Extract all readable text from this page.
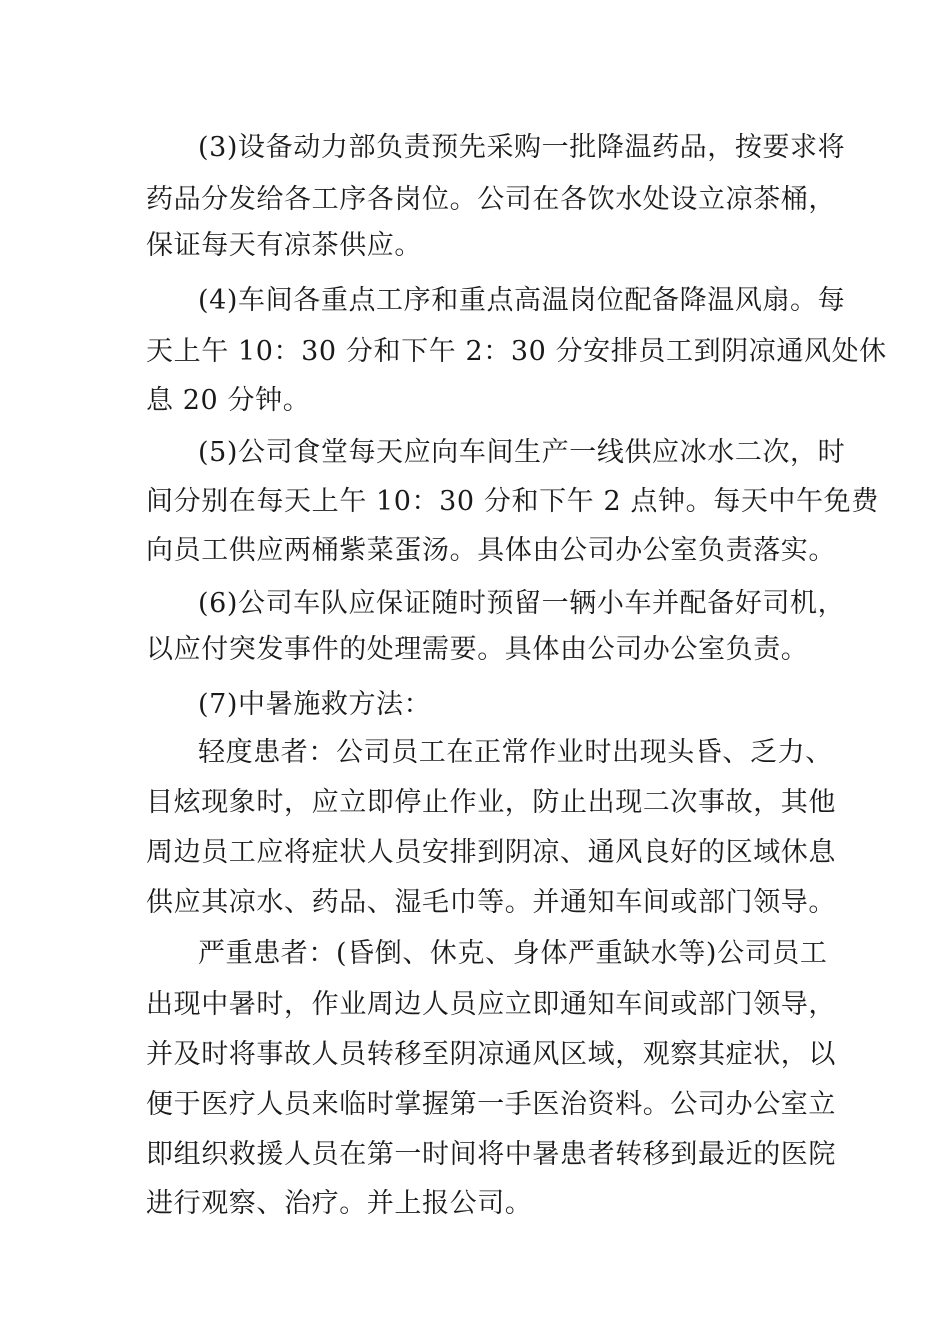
(3)设备动力部负责预先采购一批降温药品，按要求将
药品分发给各工序各岗位。公司在各饮水处设立凉茶桶，
保证每天有凉茶供应。
(4)车间各重点工序和重点高温岗位配备降温风扇。每
天上午 10：30 分和下午 2：30 分安排员工到阴凉通风处休
息 20 分钟。
(5)公司食堂每天应向车间生产一线供应冰水二次，时
间分别在每天上午 10：30 分和下午 2 点钟。每天中午免费
向员工供应两桶紫菜蛋汤。具体由公司办公室负责落实。
(6)公司车队应保证随时预留一辆小车并配备好司机，
以应付突发事件的处理需要。具体由公司办公室负责。
(7)中暑施救方法：
轻度患者：公司员工在正常作业时出现头昏、乏力、
目炫现象时，应立即停止作业，防止出现二次事故，其他
周边员工应将症状人员安排到阴凉、通风良好的区域休息
供应其凉水、药品、湿毛巾等。并通知车间或部门领导。
严重患者：(昏倒、休克、身体严重缺水等)公司员工
出现中暑时，作业周边人员应立即通知车间或部门领导，
并及时将事故人员转移至阴凉通风区域，观察其症状，以
便于医疗人员来临时掌握第一手医治资料。公司办公室立
即组织救援人员在第一时间将中暑患者转移到最近的医院
进行观察、治疗。并上报公司。
